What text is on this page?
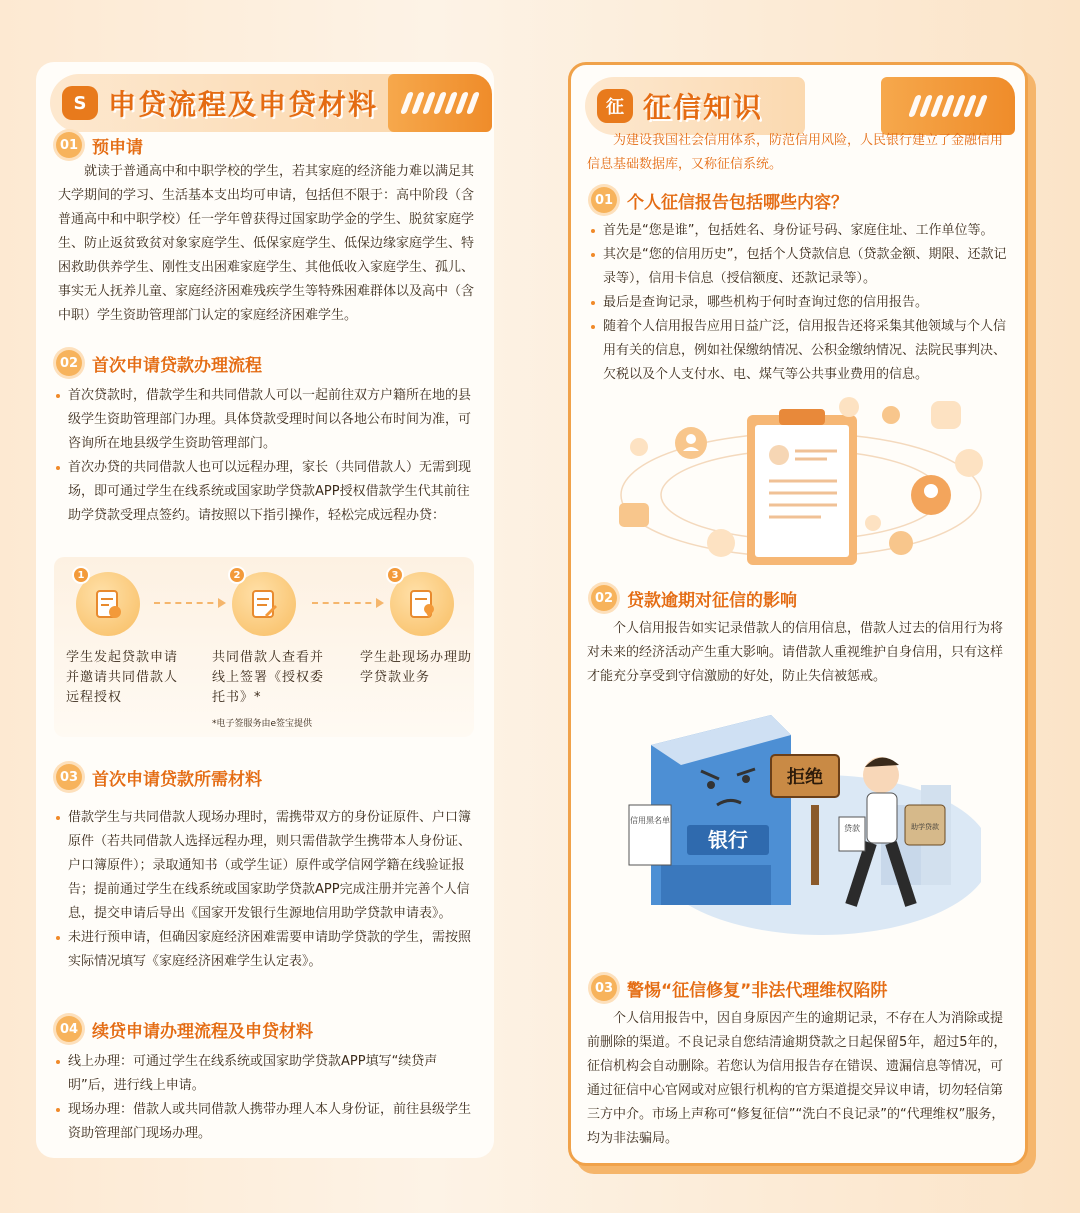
S 申贷流程及申贷材料
01 预申请

就读于普通高中和中职学校的学生，若其家庭的经济能力难以满足其大学期间的学习、生活基本支出均可申请，包括但不限于：高中阶段（含普通高中和中职学校）任一学年曾获得过国家助学金的学生、脱贫家庭学生、防止返贫致贫对象家庭学生、低保家庭学生、低保边缘家庭学生、特困救助供养学生、刚性支出困难家庭学生、其他低收入家庭学生、孤儿、事实无人抚养儿童、家庭经济困难残疾学生等特殊困难群体以及高中（含中职）学生资助管理部门认定的家庭经济困难学生。

02 首次申请贷款办理流程
首次贷款时，借款学生和共同借款人可以一起前往双方户籍所在地的县级学生资助管理部门办理。具体贷款受理时间以各地公布时间为准，可咨询所在地县级学生资助管理部门。
首次办贷的共同借款人也可以远程办理，家长（共同借款人）无需到现场，即可通过学生在线系统或国家助学贷款APP授权借款学生代其前往助学贷款受理点签约。请按照以下指引操作，轻松完成远程办贷：
1	2	3
学生发起贷款申请并邀请共同借款人远程授权
共同借款人查看并线上签署《授权委托书》*
学生赴现场办理助学贷款业务
*电子签服务由e签宝提供
03 首次申请贷款所需材料
借款学生与共同借款人现场办理时，需携带双方的身份证原件、户口簿原件（若共同借款人选择远程办理，则只需借款学生携带本人身份证、户口簿原件）；录取通知书（或学生证）原件或学信网学籍在线验证报告；提前通过学生在线系统或国家助学贷款APP完成注册并完善个人信息，提交申请后导出《国家开发银行生源地信用助学贷款申请表》。
未进行预申请，但确因家庭经济困难需要申请助学贷款的学生，需按照实际情况填写《家庭经济困难学生认定表》。
04 续贷申请办理流程及申贷材料
线上办理：可通过学生在线系统或国家助学贷款APP填写“续贷声明”后，进行线上申请。
现场办理：借款人或共同借款人携带办理人本人身份证，前往县级学生资助管理部门现场办理。
征 征信知识

为建设我国社会信用体系，防范信用风险，人民银行建立了金融信用信息基础数据库，又称征信系统。

01 个人征信报告包括哪些内容？
首先是“您是谁”，包括姓名、身份证号码、家庭住址、工作单位等。
其次是“您的信用历史”，包括个人贷款信息（贷款金额、期限、还款记录等），信用卡信息（授信额度、还款记录等）。
最后是查询记录，哪些机构于何时查询过您的信用报告。
随着个人信用报告应用日益广泛，信用报告还将采集其他领域与个人信用有关的信息，例如社保缴纳情况、公积金缴纳情况、法院民事判决、欠税以及个人支付水、电、煤气等公共事业费用的信息。
02 贷款逾期对征信的影响

个人信用报告如实记录借款人的信用信息，借款人过去的信用行为将对未来的经济活动产生重大影响。请借款人重视维护自身信用，只有这样才能充分享受到守信激励的好处，防止失信被惩戒。

银行
信用黑名单
拒绝
贷款	助学贷款
03 警惕“征信修复”非法代理维权陷阱

个人信用报告中，因自身原因产生的逾期记录，不存在人为消除或提前删除的渠道。不良记录自您结清逾期贷款之日起保留5年，超过5年的，征信机构会自动删除。若您认为信用报告存在错误、遗漏信息等情况，可通过征信中心官网或对应银行机构的官方渠道提交异议申请，切勿轻信第三方中介。市场上声称可“修复征信”“洗白不良记录”的“代理维权”服务，均为非法骗局。
